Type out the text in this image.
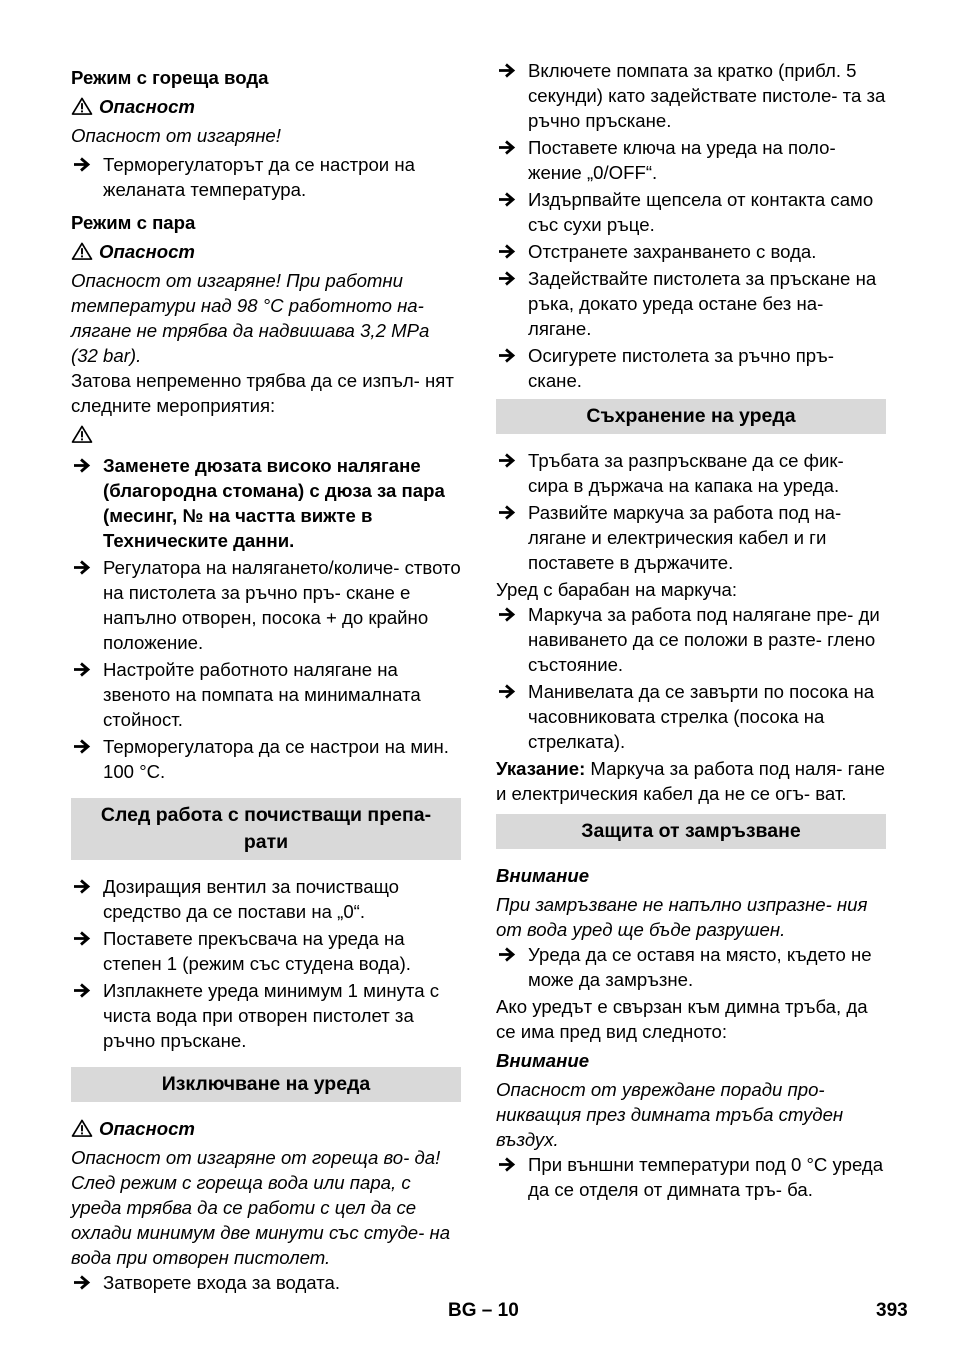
Режим с гореща вода
Опасност
Опасност от изгаряне!
Терморегулаторът да се настрои на желаната температура.
Режим с пара
Опасност
Опасност от изгаряне! При работни температури над 98 °C работното на- лягане не трябва да надвишава 3,2 MPa (32 bar).
Затова непременно трябва да се изпъл- нят следните мероприятия:
Заменете дюзата високо налягане (благородна стомана) с дюза за пара (месинг, № на частта вижте в Техническите данни.
Регулатора на налягането/количе- ството на пистолета за ръчно пръ- скане е напълно отворен, посока + до крайно положение.
Настройте работното налягане на звеното на помпата на минималната стойност.
Терморегулатора да се настрои на мин. 100 °C.
След работа с почистващи препа- рати
Дозиращия вентил за почистващо средство да се постави на „0“.
Поставете прекъсвача на уреда на степен 1 (режим със студена вода).
Изплакнете уреда минимум 1 минута с чиста вода при отворен пистолет за ръчно пръскане.
Изключване на уреда
Опасност
Опасност от изгаряне от гореща во- да! След режим с гореща вода или пара, с уреда трябва да се работи с цел да се охлади минимум две минути със студе- на вода при отворен пистолет.
Затворете входа за водата.
Включете помпата за кратко (прибл. 5 секунди) като задействате пистоле- та за ръчно пръскане.
Поставете ключа на уреда на поло- жение „0/OFF“.
Издърпвайте щепсела от контакта само със сухи ръце.
Отстранете захранването с вода.
Задействайте пистолета за пръскане на ръка, докато уреда остане без на- лягане.
Осигурете пистолета за ръчно пръ- скане.
Съхранение на уреда
Тръбата за разпръскване да се фик- сира в държача на капака на уреда.
Развийте маркуча за работа под на- лягане и електрическия кабел и ги поставете в държачите.
Уред с барабан на маркуча:
Маркуча за работа под налягане пре- ди навиването да се положи в разте- глено състояние.
Манивелата да се завърти по посока на часовниковата стрелка (посока на стрелката).
Указание: Маркуча за работа под наля- гане и електрическия кабел да не се огъ- ват.
Защита от замръзване
Внимание
При замръзване не напълно изпразне- ния от вода уред ще бъде разрушен.
Уреда да се оставя на място, където не може да замръзне.
Ако уредът е свързан към димна тръба, да се има пред вид следното:
Внимание
Опасност от увреждане поради про- никващия през димната тръба студен въздух.
При външни температури под 0 °C уреда да се отделя от димната тръ- ба.
BG – 10	393
